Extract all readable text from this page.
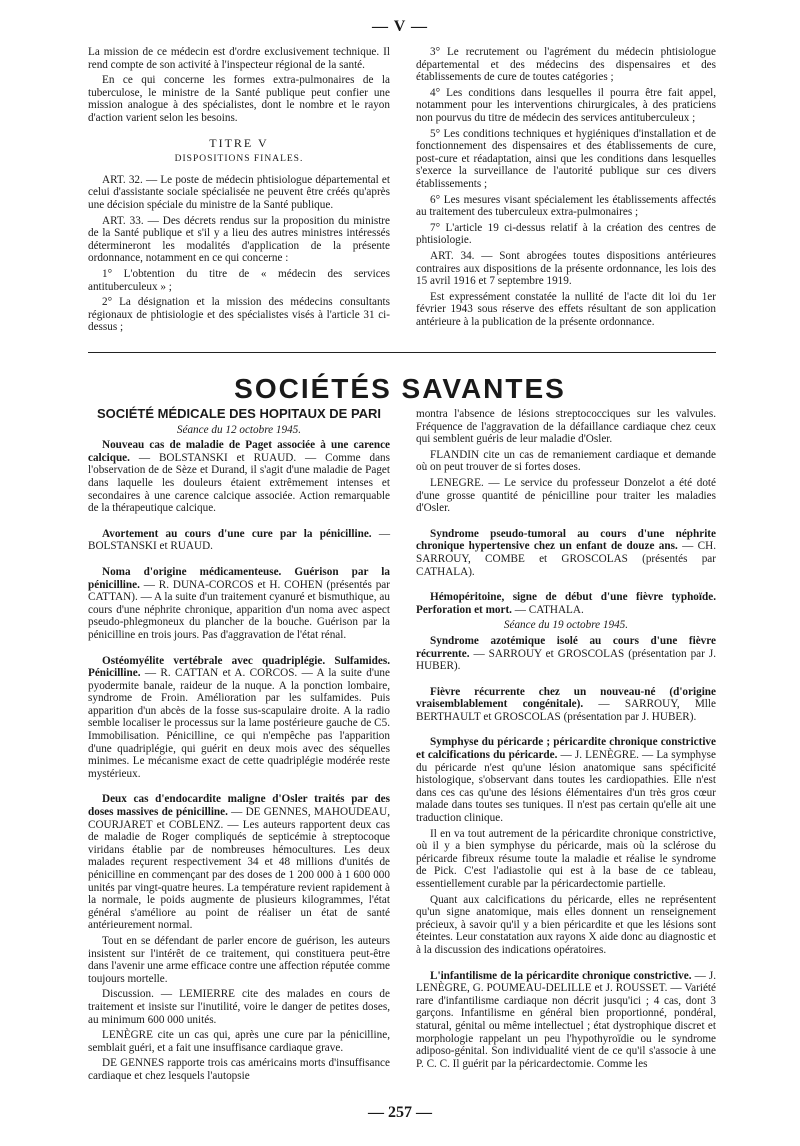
— V —

La mission de ce médecin est d'ordre exclusivement technique. Il rend compte de son activité à l'inspecteur régional de la santé.

En ce qui concerne les formes extra-pulmonaires de la tuberculose, le ministre de la Santé publique peut confier une mission analogue à des spécialistes, dont le nombre et le rayon d'action varient selon les besoins.

TITRE V
DISPOSITIONS FINALES.

ART. 32. — Le poste de médecin phtisiologue départemental et celui d'assistante sociale spécialisée ne peuvent être créés qu'après une décision spéciale du ministre de la Santé publique.

ART. 33. — Des décrets rendus sur la proposition du ministre de la Santé publique et s'il y a lieu des autres ministres intéressés détermineront les modalités d'application de la présente ordonnance, notamment en ce qui concerne :

1° L'obtention du titre de « médecin des services antituberculeux » ;

2° La désignation et la mission des médecins consultants régionaux de phtisiologie et des spécialistes visés à l'article 31 ci-dessus ;

3° Le recrutement ou l'agrément du médecin phtisiologue départemental et des médecins des dispensaires et des établissements de cure de toutes catégories ;

4° Les conditions dans lesquelles il pourra être fait appel, notamment pour les interventions chirurgicales, à des praticiens non pourvus du titre de médecin des services antituberculeux ;

5° Les conditions techniques et hygiéniques d'installation et de fonctionnement des dispensaires et des établissements de cure, post-cure et réadaptation, ainsi que les conditions dans lesquelles s'exerce la surveillance de l'autorité publique sur ces divers établissements ;

6° Les mesures visant spécialement les établissements affectés au traitement des tuberculeux extra-pulmonaires ;

7° L'article 19 ci-dessus relatif à la création des centres de phtisiologie.

ART. 34. — Sont abrogées toutes dispositions antérieures contraires aux dispositions de la présente ordonnance, les lois des 15 avril 1916 et 7 septembre 1919.

Est expressément constatée la nullité de l'acte dit loi du 1er février 1943 sous réserve des effets résultant de son application antérieure à la publication de la présente ordonnance.

SOCIÉTÉS SAVANTES

SOCIÉTÉ MÉDICALE DES HOPITAUX DE PARI

Séance du 12 octobre 1945.

Nouveau cas de maladie de Paget associée à une carence calcique. — BOLSTANSKI et RUAUD. — Comme dans l'observation de de Sèze et Durand, il s'agit d'une maladie de Paget dans laquelle les douleurs étaient extrêmement intenses et secondaires à une carence calcique associée. Action remarquable de la thérapeutique calcique.

Avortement au cours d'une cure par la pénicilline. — BOLSTANSKI et RUAUD.

Noma d'origine médicamenteuse. Guérison par la pénicilline. — R. DUNA-CORCOS et H. COHEN (présentés par CATTAN). — A la suite d'un traitement cyanuré et bismuthique, au cours d'une néphrite chronique, apparition d'un noma avec aspect pseudo-phlegmoneux du plancher de la bouche. Guérison par la pénicilline en trois jours. Pas d'aggravation de l'état rénal.

Ostéomyélite vertébrale avec quadriplégie. Sulfamides. Pénicilline. — R. CATTAN et A. CORCOS. — A la suite d'une pyodermite banale, raideur de la nuque. A la ponction lombaire, syndrome de Froin. Amélioration par les sulfamides. Puis apparition d'un abcès de la fosse sus-scapulaire droite. A la radio semble localiser le processus sur la lame postérieure gauche de C5. Immobilisation. Pénicilline, ce qui n'empêche pas l'apparition d'une quadriplégie, qui guérit en deux mois avec des séquelles minimes. Le mécanisme exact de cette quadriplégie modérée reste mystérieux.

Deux cas d'endocardite maligne d'Osler traités par des doses massives de pénicilline. — DE GENNES, MAHOUDEAU, COURJARET et COBLENZ. — Les auteurs rapportent deux cas de maladie de Roger compliqués de septicémie à streptocoque viridans établie par de nombreuses hémocultures. Les deux malades reçurent respectivement 34 et 48 millions d'unités de pénicilline en commençant par des doses de 1 200 000 à 1 600 000 unités par vingt-quatre heures. La température revient rapidement à la normale, le poids augmente de plusieurs kilogrammes, l'état général s'améliore au point de réaliser un état de santé antérieurement normal.

Tout en se défendant de parler encore de guérison, les auteurs insistent sur l'intérêt de ce traitement, qui constituera peut-être dans l'avenir une arme efficace contre une affection réputée comme toujours mortelle.

Discussion. — LEMIERRE cite des malades en cours de traitement et insiste sur l'inutilité, voire le danger de petites doses, au minimum 600 000 unités.

LENÈGRE cite un cas qui, après une cure par la pénicilline, semblait guéri, et a fait une insuffisance cardiaque grave.

DE GENNES rapporte trois cas américains morts d'insuffisance cardiaque et chez lesquels l'autopsie

montra l'absence de lésions streptococciques sur les valvules. Fréquence de l'aggravation de la défaillance cardiaque chez ceux qui semblent guéris de leur maladie d'Osler.

FLANDIN cite un cas de remaniement cardiaque et demande où on peut trouver de si fortes doses.

LENEGRE. — Le service du professeur Donzelot a été doté d'une grosse quantité de pénicilline pour traiter les maladies d'Osler.

Syndrome pseudo-tumoral au cours d'une néphrite chronique hypertensive chez un enfant de douze ans. — CH. SARROUY, COMBE et GROSCOLAS (présentés par CATHALA).

Hémopéritoine, signe de début d'une fièvre typhoïde. Perforation et mort. — CATHALA.

Séance du 19 octobre 1945.

Syndrome azotémique isolé au cours d'une fièvre récurrente. — SARROUY et GROSCOLAS (présentation par J. HUBER).

Fièvre récurrente chez un nouveau-né (d'origine vraisemblablement congénitale). — SARROUY, Mlle BERTHAULT et GROSCOLAS (présentation par J. HUBER).

Symphyse du péricarde ; péricardite chronique constrictive et calcifications du péricarde. — J. LENÈGRE. — La symphyse du péricarde n'est qu'une lésion anatomique sans spécificité histologique, s'observant dans toutes les cardiopathies. Elle n'est dans ces cas qu'une des lésions élémentaires d'un très gros cœur malade dans toutes ses tuniques. Il n'est pas certain qu'elle ait une traduction clinique.

Il en va tout autrement de la péricardite chronique constrictive, où il y a bien symphyse du péricarde, mais où la sclérose du péricarde fibreux résume toute la maladie et réalise le syndrome de Pick. C'est l'adiastolie qui est à la base de ce tableau, essentiellement curable par la péricardectomie partielle.

Quant aux calcifications du péricarde, elles ne représentent qu'un signe anatomique, mais elles donnent un renseignement précieux, à savoir qu'il y a bien péricardite et que les lésions sont éteintes. Leur constatation aux rayons X aide donc au diagnostic et à la discussion des indications opératoires.

L'infantilisme de la péricardite chronique constrictive. — J. LENÈGRE, G. POUMEAU-DELILLE et J. ROUSSET. — Variété rare d'infantilisme cardiaque non décrit jusqu'ici ; 4 cas, dont 3 garçons. Infantilisme en général bien proportionné, pondéral, statural, génital ou même intellectuel ; état dystrophique discret et morphologie rappelant un peu l'hypothyroïdie ou le syndrome adiposo-génital. Son individualité vient de ce qu'il s'associe à une P. C. C. Il guérit par la péricardectomie. Comme les

— 257 —
